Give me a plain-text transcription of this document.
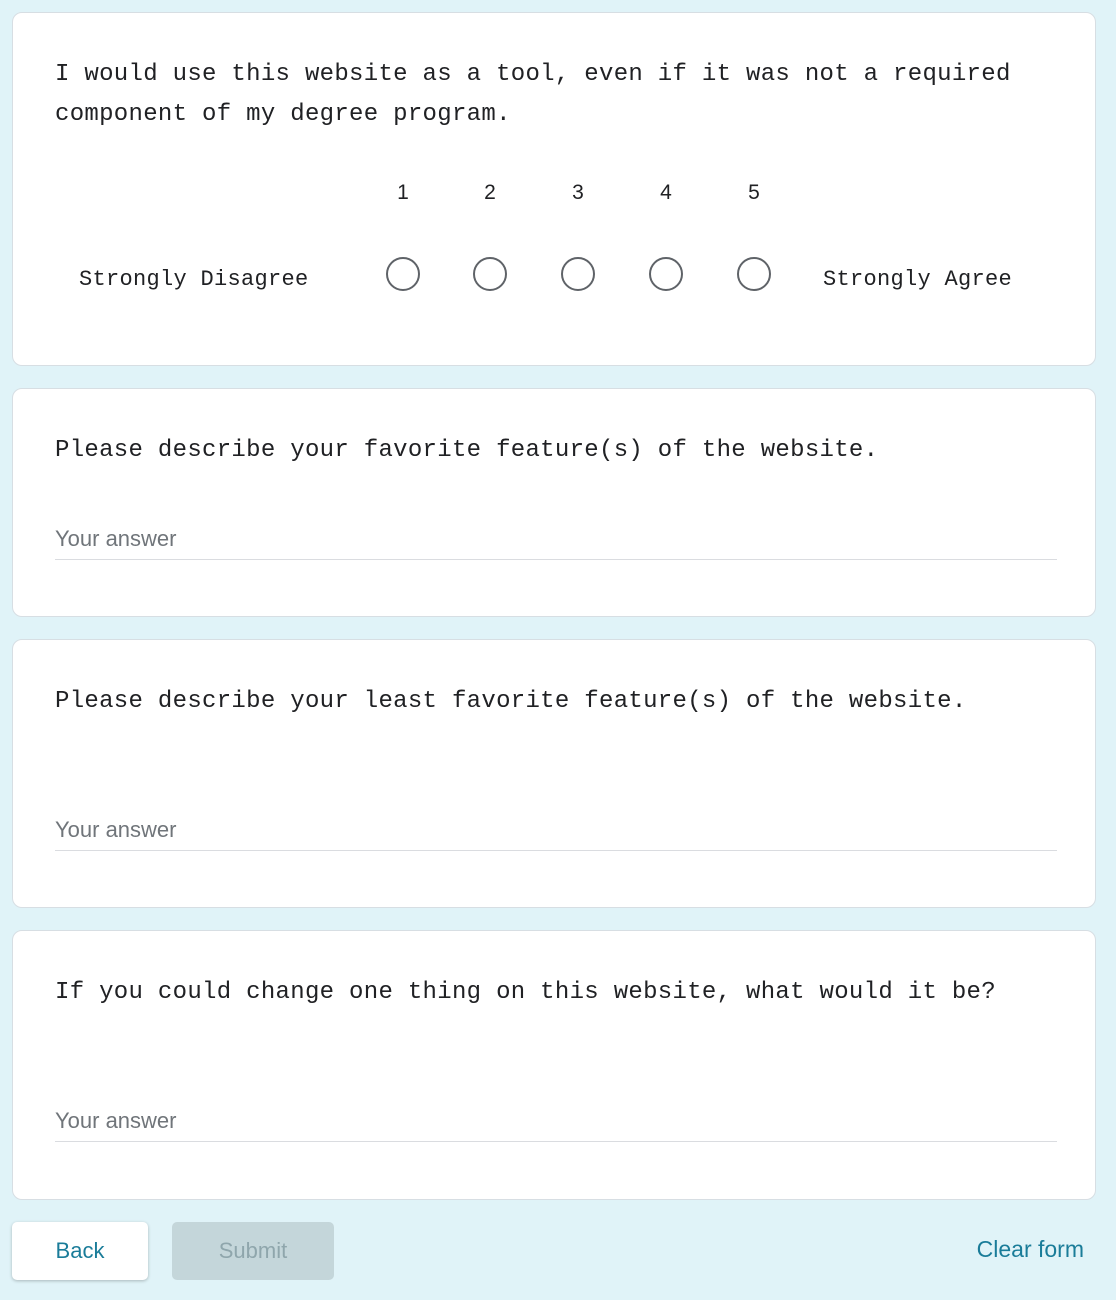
I would use this website as a tool, even if it was not a required component of my degree program.

1	2	3	4	5
Strongly Disagree	Strongly Agree

Please describe your favorite feature(s) of the website.

Your answer

Please describe your least favorite feature(s) of the website.

Your answer

If you could change one thing on this website, what would it be?

Your answer
Back	Submit	Clear form
